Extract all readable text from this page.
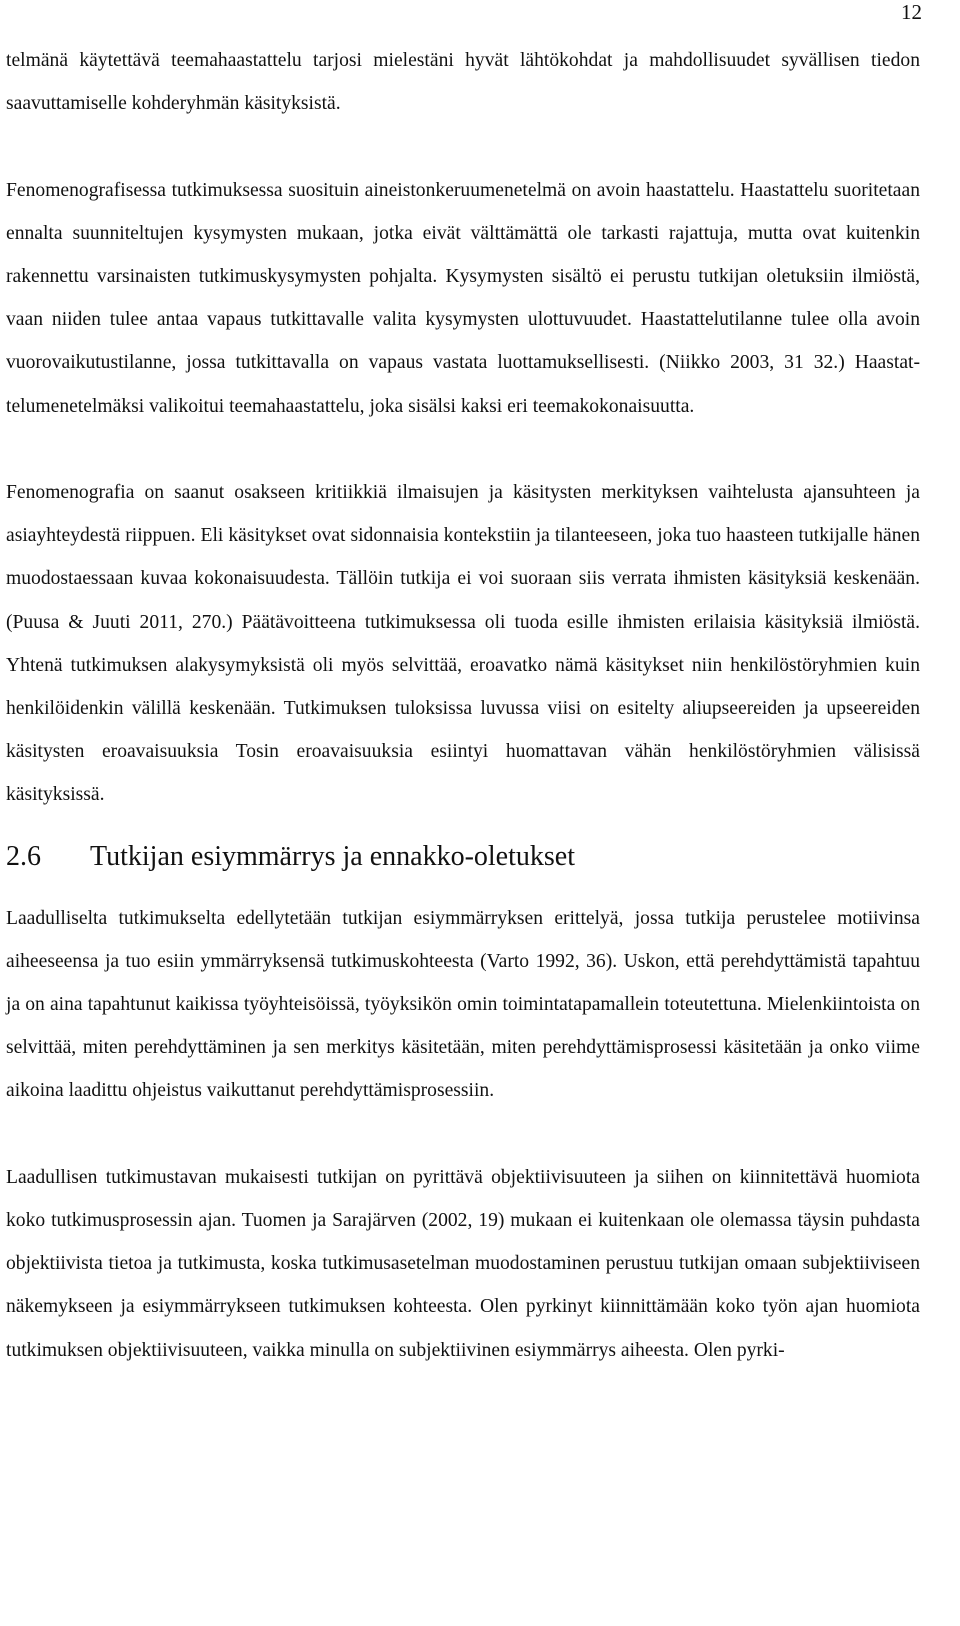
12

telmänä käytettävä teemahaastattelu tarjosi mielestäni hyvät lähtökohdat ja mahdollisuudet syvällisen tiedon saavuttamiselle kohderyhmän käsityksistä.

Fenomenografisessa tutkimuksessa suosituin aineistonkeruumenetelmä on avoin haastattelu. Haastattelu suoritetaan ennalta suunniteltujen kysymysten mukaan, jotka eivät välttämättä ole tarkasti rajattuja, mutta ovat kuitenkin rakennettu varsinaisten tutkimuskysymysten pohjalta. Kysymysten sisältö ei perustu tutkijan oletuksiin ilmiöstä, vaan niiden tulee antaa vapaus tutkittavalle valita kysymysten ulottuvuudet. Haastattelutilanne tulee olla avoin vuorovaikutustilanne, jossa tutkittavalla on vapaus vastata luottamuksellisesti. (Niikko 2003, 31 32.) Haastattelumenetelmäksi valikoitui teemahaastattelu, joka sisälsi kaksi eri teemakokonaisuutta.

Fenomenografia on saanut osakseen kritiikkiä ilmaisujen ja käsitysten merkityksen vaihtelusta ajansuhteen ja asiayhteydestä riippuen. Eli käsitykset ovat sidonnaisia kontekstiin ja tilanteeseen, joka tuo haasteen tutkijalle hänen muodostaessaan kuvaa kokonaisuudesta. Tällöin tutkija ei voi suoraan siis verrata ihmisten käsityksiä keskenään. (Puusa & Juuti 2011, 270.) Päätävoitteena tutkimuksessa oli tuoda esille ihmisten erilaisia käsityksiä ilmiöstä. Yhtenä tutkimuksen alakysymyksistä oli myös selvittää, eroavatko nämä käsitykset niin henkilöstöryhmien kuin henkilöidenkin välillä keskenään. Tutkimuksen tuloksissa luvussa viisi on esitelty aliupseereiden ja upseereiden käsitysten eroavaisuuksia Tosin eroavaisuuksia esiintyi huomattavan vähän henkilöstöryhmien välisissä käsityksissä.

2.6	Tutkijan esiymmärrys ja ennakko-oletukset

Laadulliselta tutkimukselta edellytetään tutkijan esiymmärryksen erittelyä, jossa tutkija perustelee motiivinsa aiheeseensa ja tuo esiin ymmärryksensä tutkimuskohteesta (Varto 1992, 36). Uskon, että perehdyttämistä tapahtuu ja on aina tapahtunut kaikissa työyhteisöissä, työyksikön omin toimintatapamallein toteutettuna. Mielenkiintoista on selvittää, miten perehdyttäminen ja sen merkitys käsitetään, miten perehdyttämisprosessi käsitetään ja onko viime aikoina laadittu ohjeistus vaikuttanut perehdyttämisprosessiin.

Laadullisen tutkimustavan mukaisesti tutkijan on pyrittävä objektiivisuuteen ja siihen on kiinnitettävä huomiota koko tutkimusprosessin ajan. Tuomen ja Sarajärven (2002, 19) mukaan ei kuitenkaan ole olemassa täysin puhdasta objektiivista tietoa ja tutkimusta, koska tutkimusasetelman muodostaminen perustuu tutkijan omaan subjektiiviseen näkemykseen ja esiymmärrykseen tutkimuksen kohteesta. Olen pyrkinyt kiinnittämään koko työn ajan huomiota tutkimuksen objektiivisuuteen, vaikka minulla on subjektiivinen esiymmärrys aiheesta. Olen pyrki-
